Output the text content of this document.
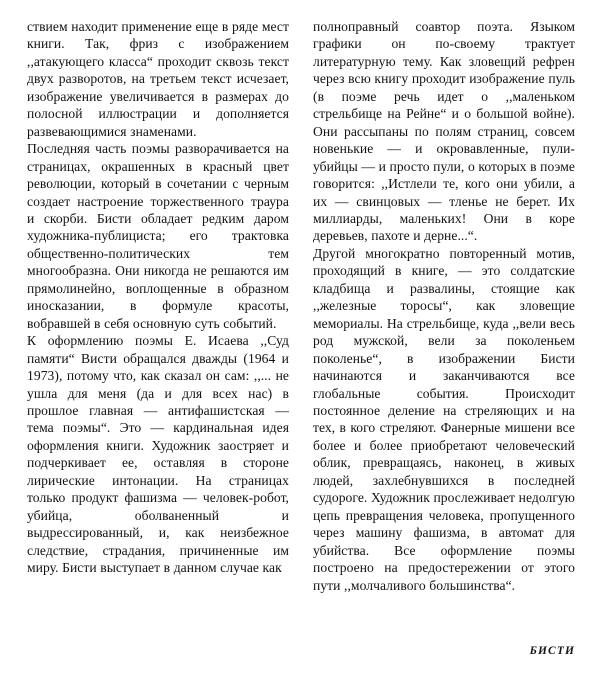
ствием находит применение еще в ряде мест книги. Так, фриз с изображением ,,атакующего класса“ проходит сквозь текст двух разворотов, на третьем текст исчезает, изображение увеличивается в размерах до полосной иллюстрации и дополняется развевающимися знаменами.

Последняя часть поэмы разворачивается на страницах, окрашенных в красный цвет революции, который в сочетании с черным создает настроение торжественного траура и скорби. Бисти обладает редким даром художника-публициста; его трактовка общественно-политических тем многообразна. Они никогда не решаются им прямолинейно, воплощенные в образном иносказании, в формуле красоты, вобравшей в себя основную суть событий.

К оформлению поэмы Е. Исаева ,,Суд памяти“ Висти обращался дважды (1964 и 1973), потому что, как сказал он сам: ,,... не ушла для меня (да и для всех нас) в прошлое главная — антифашистская — тема поэмы“. Это — кардинальная идея оформления книги. Художник заостряет и подчеркивает ее, оставляя в стороне лирические интонации. На страницах только продукт фашизма — человек-робот, убийца, оболваненный и выдрессированный, и, как неизбежное следствие, страдания, причиненные им миру. Бисти выступает в данном случае как

полноправный соавтор поэта. Языком графики он по-своему трактует литературную тему. Как зловещий рефрен через всю книгу проходит изображение пуль (в поэме речь идет о ,,маленьком стрельбище на Рейне“ и о большой войне). Они рассыпаны по полям страниц, совсем новенькие — и окровавленные, пули-убийцы — и просто пули, о которых в поэме говорится: ,,Истлели те, кого они убили, а их — свинцовых — тленье не берет. Их миллиарды, маленьких! Они в коре деревьев, пахоте и дерне...“.

Другой многократно повторенный мотив, проходящий в книге, — это солдатские кладбища и развалины, стоящие как ,,железные торосы“, как зловещие мемориалы. На стрельбище, куда ,,вели весь род мужской, вели за поколеньем поколенье“, в изображении Бисти начинаются и заканчиваются все глобальные события. Происходит постоянное деление на стреляющих и на тех, в кого стреляют. Фанерные мишени все более и более приобретают человеческий облик, превращаясь, наконец, в живых людей, захлебнувшихся в последней судороге. Художник прослеживает недолгую цепь превращения человека, пропущенного через машину фашизма, в автомат для убийства. Все оформление поэмы построено на предостережении от этого пути ,,молчаливого большинства“.

БИСТИ
